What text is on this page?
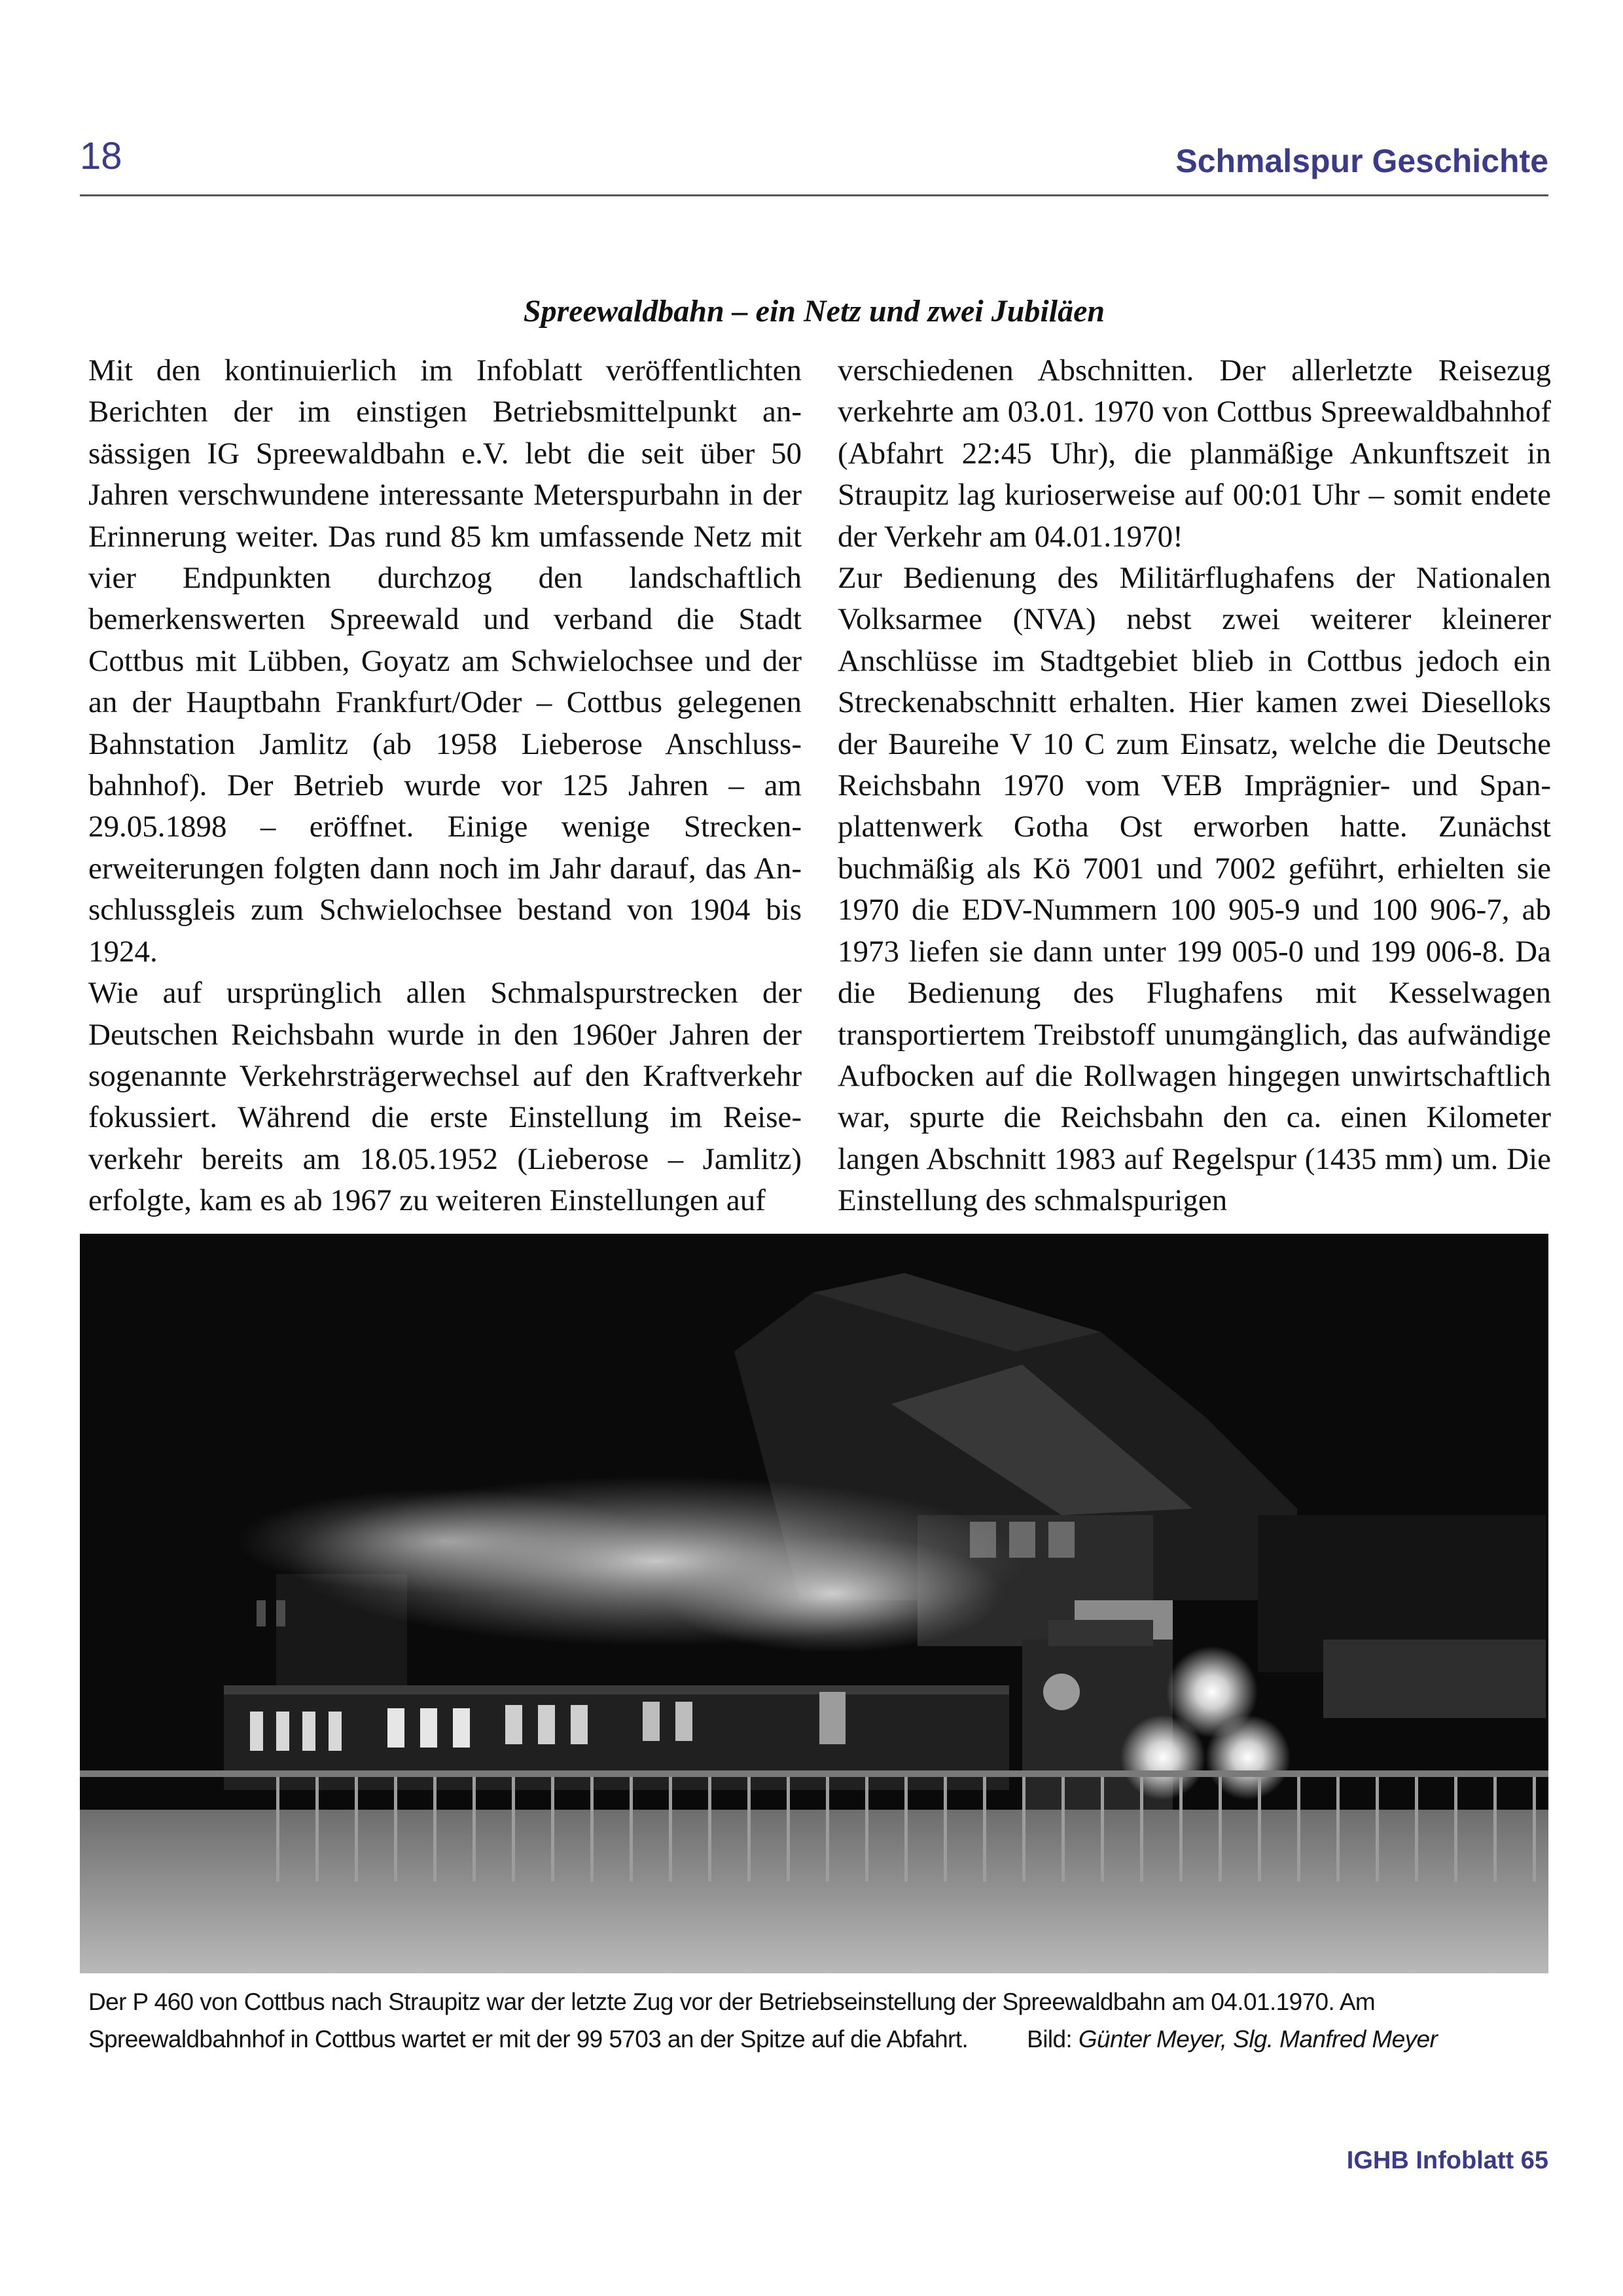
18	Schmalspur Geschichte
Spreewaldbahn – ein Netz und zwei Jubiläen

Mit den kontinuierlich im Infoblatt veröffentlichten Berichten der im einstigen Betriebsmittelpunkt ansässigen IG Spreewaldbahn e.V. lebt die seit über 50 Jahren verschwundene interessante Meterspurbahn in der Erinnerung weiter. Das rund 85 km umfassende Netz mit vier Endpunkten durchzog den landschaftlich bemerkenswerten Spreewald und verband die Stadt Cottbus mit Lübben, Goyatz am Schwielochsee und der an der Hauptbahn Frankfurt/Oder – Cottbus gelegenen Bahnstation Jamlitz (ab 1958 Lieberose Anschlussbahnhof). Der Betrieb wurde vor 125 Jahren – am 29.05.1898 – eröffnet. Einige wenige Streckenerweiterungen folgten dann noch im Jahr darauf, das Anschlussgleis zum Schwielochsee bestand von 1904 bis 1924.

Wie auf ursprünglich allen Schmalspurstrecken der Deutschen Reichsbahn wurde in den 1960er Jahren der sogenannte Verkehrsträgerwechsel auf den Kraftverkehr fokussiert. Während die erste Einstellung im Reiseverkehr bereits am 18.05.1952 (Lieberose – Jamlitz) erfolgte, kam es ab 1967 zu weiteren Einstellungen auf

verschiedenen Abschnitten. Der allerletzte Reisezug verkehrte am 03.01. 1970 von Cottbus Spreewaldbahnhof (Abfahrt 22:45 Uhr), die planmäßige Ankunftszeit in Straupitz lag kurioserweise auf 00:01 Uhr – somit endete der Verkehr am 04.01.1970!

Zur Bedienung des Militärflughafens der Nationalen Volksarmee (NVA) nebst zwei weiterer kleinerer Anschlüsse im Stadtgebiet blieb in Cottbus jedoch ein Streckenabschnitt erhalten. Hier kamen zwei Dieselloks der Baureihe V 10 C zum Einsatz, welche die Deutsche Reichsbahn 1970 vom VEB Imprägnier- und Spanplattenwerk Gotha Ost erworben hatte. Zunächst buchmäßig als Kö 7001 und 7002 geführt, erhielten sie 1970 die EDV-Nummern 100 905-9 und 100 906-7, ab 1973 liefen sie dann unter 199 005-0 und 199 006-8. Da die Bedienung des Flughafens mit Kesselwagen transportiertem Treibstoff unumgänglich, das aufwändige Aufbocken auf die Rollwagen hingegen unwirtschaftlich war, spurte die Reichsbahn den ca. einen Kilometer langen Abschnitt 1983 auf Regelspur (1435 mm) um. Die Einstellung des schmalspurigen

Der P 460 von Cottbus nach Straupitz war der letzte Zug vor der Betriebseinstellung der Spreewaldbahn am 04.01.1970. Am Spreewaldbahnhof in Cottbus wartet er mit der 99 5703 an der Spitze auf die Abfahrt. Bild: Günter Meyer, Slg. Manfred Meyer
IGHB Infoblatt 65
